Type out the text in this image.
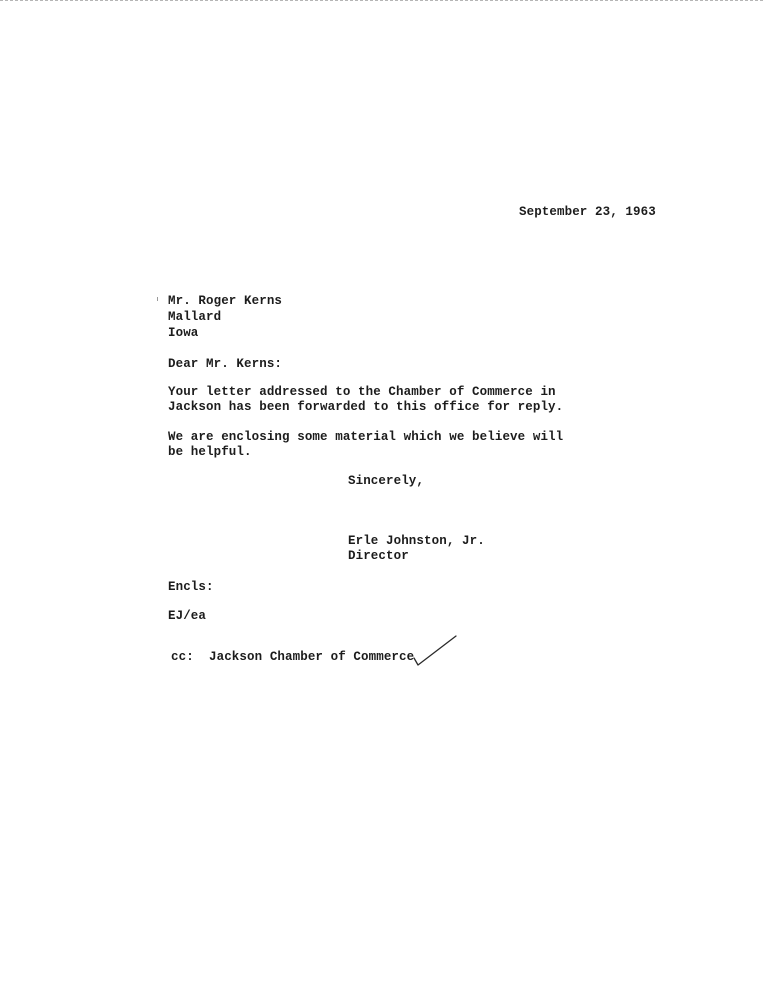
September 23, 1963
Mr. Roger Kerns
Mallard
Iowa
Dear Mr. Kerns:
Your letter addressed to the Chamber of Commerce in
Jackson has been forwarded to this office for reply.
We are enclosing some material which we believe will
be helpful.
Sincerely,
Erle Johnston, Jr.
Director
Encls:
EJ/ea
cc:  Jackson Chamber of Commerce
